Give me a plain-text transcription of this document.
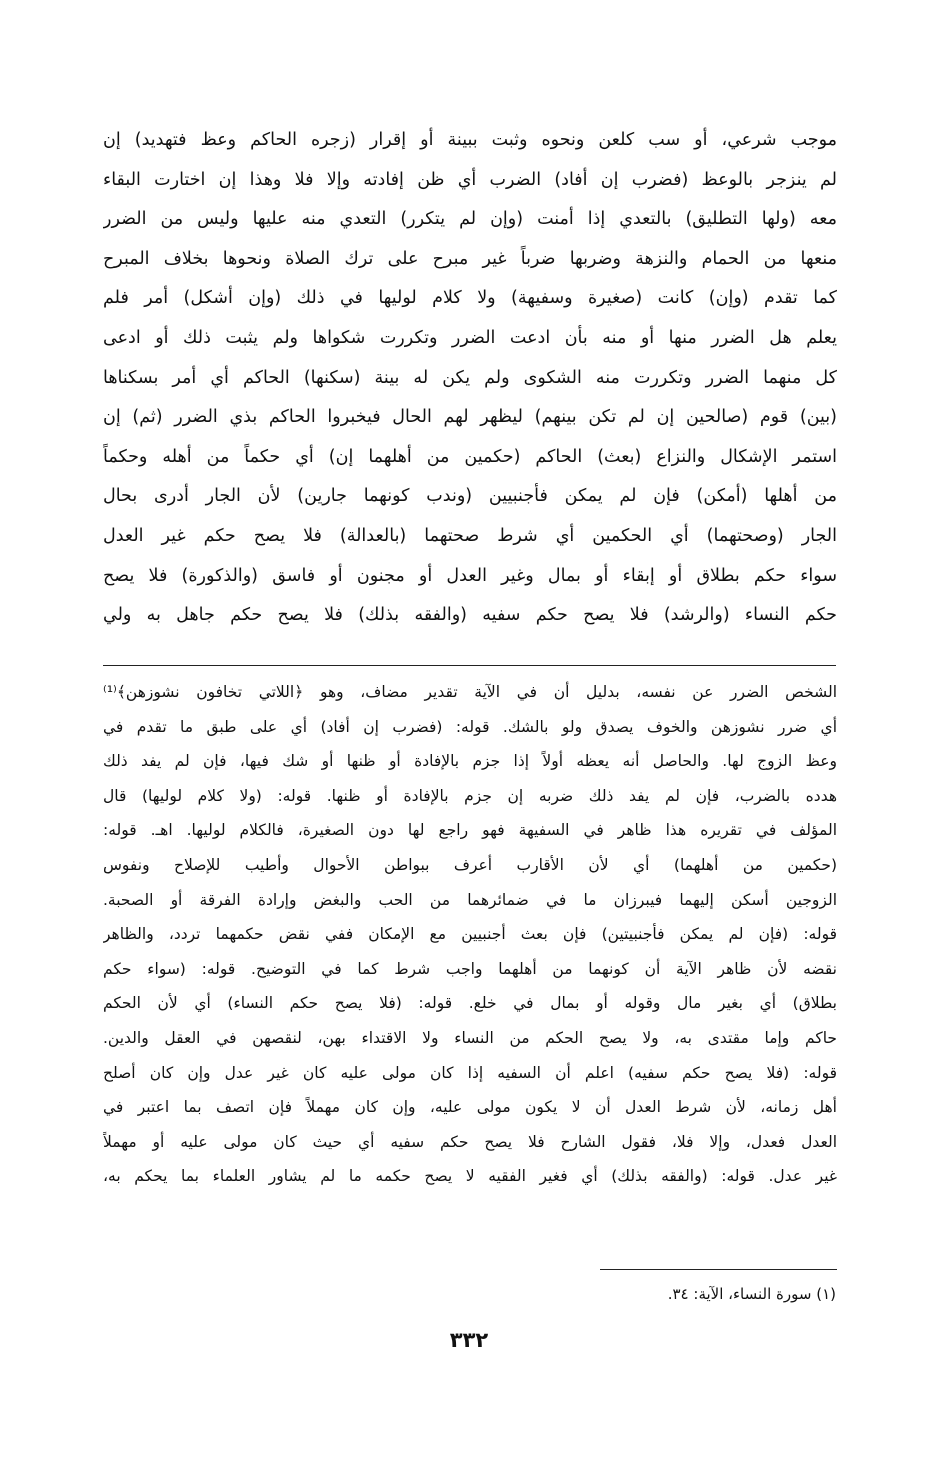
موجب شرعي، أو سب كلعن ونحوه وثبت ببينة أو إقرار (زجره الحاكم وعظ فتهديد) إن
لم ينزجر بالوعظ (فضرب إن أفاد) الضرب أي ظن إفادته وإلا فلا وهذا إن اختارت البقاء
معه (ولها التطليق) بالتعدي إذا أمنت (وإن لم يتكرر) التعدي منه عليها وليس من الضرر
منعها من الحمام والنزهة وضربها ضرباً غير مبرح على ترك الصلاة ونحوها بخلاف المبرح
كما تقدم (وإن) كانت (صغيرة وسفيهة) ولا كلام لوليها في ذلك (وإن أشكل) أمر فلم
يعلم هل الضرر منها أو منه بأن ادعت الضرر وتكررت شكواها ولم يثبت ذلك أو ادعى
كل منهما الضرر وتكررت منه الشكوى ولم يكن له بينة (سكنها) الحاكم أي أمر بسكناها
(بين) قوم (صالحين إن لم تكن بينهم) ليظهر لهم الحال فيخبروا الحاكم بذي الضرر (ثم) إن
استمر الإشكال والنزاع (بعث) الحاكم (حكمين من أهلهما إن) أي حكماً من أهله وحكماً
من أهلها (أمكن) فإن لم يمكن فأجنبيين (وندب كونهما جارين) لأن الجار أدرى بحال
الجار (وصحتهما) أي الحكمين أي شرط صحتهما (بالعدالة) فلا يصح حكم غير العدل
سواء حكم بطلاق أو إبقاء أو بمال وغير العدل أو مجنون أو فاسق (والذكورة) فلا يصح
حكم النساء (والرشد) فلا يصح حكم سفيه (والفقه بذلك) فلا يصح حكم جاهل به ولي
الشخص الضرر عن نفسه، بدليل أن في الآية تقدير مضاف، وهو ﴿اللاتي تخافون نشوزهن﴾⁽¹⁾
أي ضرر نشوزهن والخوف يصدق ولو بالشك. قوله: (فضرب إن أفاد) أي على طبق ما تقدم في
وعظ الزوج لها. والحاصل أنه يعظه أولاً إذا جزم بالإفادة أو ظنها أو شك فيها، فإن لم يفد ذلك
هدده بالضرب، فإن لم يفد ذلك ضربه إن جزم بالإفادة أو ظنها. قوله: (ولا كلام لوليها) قال
المؤلف في تقريره هذا ظاهر في السفيهة فهو راجع لها دون الصغيرة، فالكلام لوليها. اهـ. قوله:
(حكمين من أهلهما) أي لأن الأقارب أعرف ببواطن الأحوال وأطيب للإصلاح ونفوس
الزوجين أسكن إليهما فيبرزان ما في ضمائرهما من الحب والبغض وإرادة الفرقة أو الصحبة.
قوله: (فإن لم يمكن فأجنبيتين) فإن بعث أجنبيين مع الإمكان ففي نقض حكمهما تردد، والظاهر
نقضه لأن ظاهر الآية أن كونهما من أهلهما واجب شرط كما في التوضيح. قوله: (سواء حكم
بطلاق) أي بغير مال وقوله أو بمال في خلع. قوله: (فلا يصح حكم النساء) أي لأن الحكم
حاكم وإما مقتدى به، ولا يصح الحكم من النساء ولا الاقتداء بهن، لنقصهن في العقل والدين.
قوله: (فلا يصح حكم سفيه) اعلم أن السفيه إذا كان مولى عليه كان غير عدل وإن كان أصلح
أهل زمانه، لأن شرط العدل أن لا يكون مولى عليه، وإن كان مهملاً فإن اتصف بما اعتبر في
العدل فعدل، وإلا فلا، فقول الشارح فلا يصح حكم سفيه أي حيث كان مولى عليه أو مهملاً
غير عدل. قوله: (والفقه بذلك) أي فغير الفقيه لا يصح حكمه ما لم يشاور العلماء بما يحكم به،
(١) سورة النساء، الآية: ٣٤.
٣٣٢
